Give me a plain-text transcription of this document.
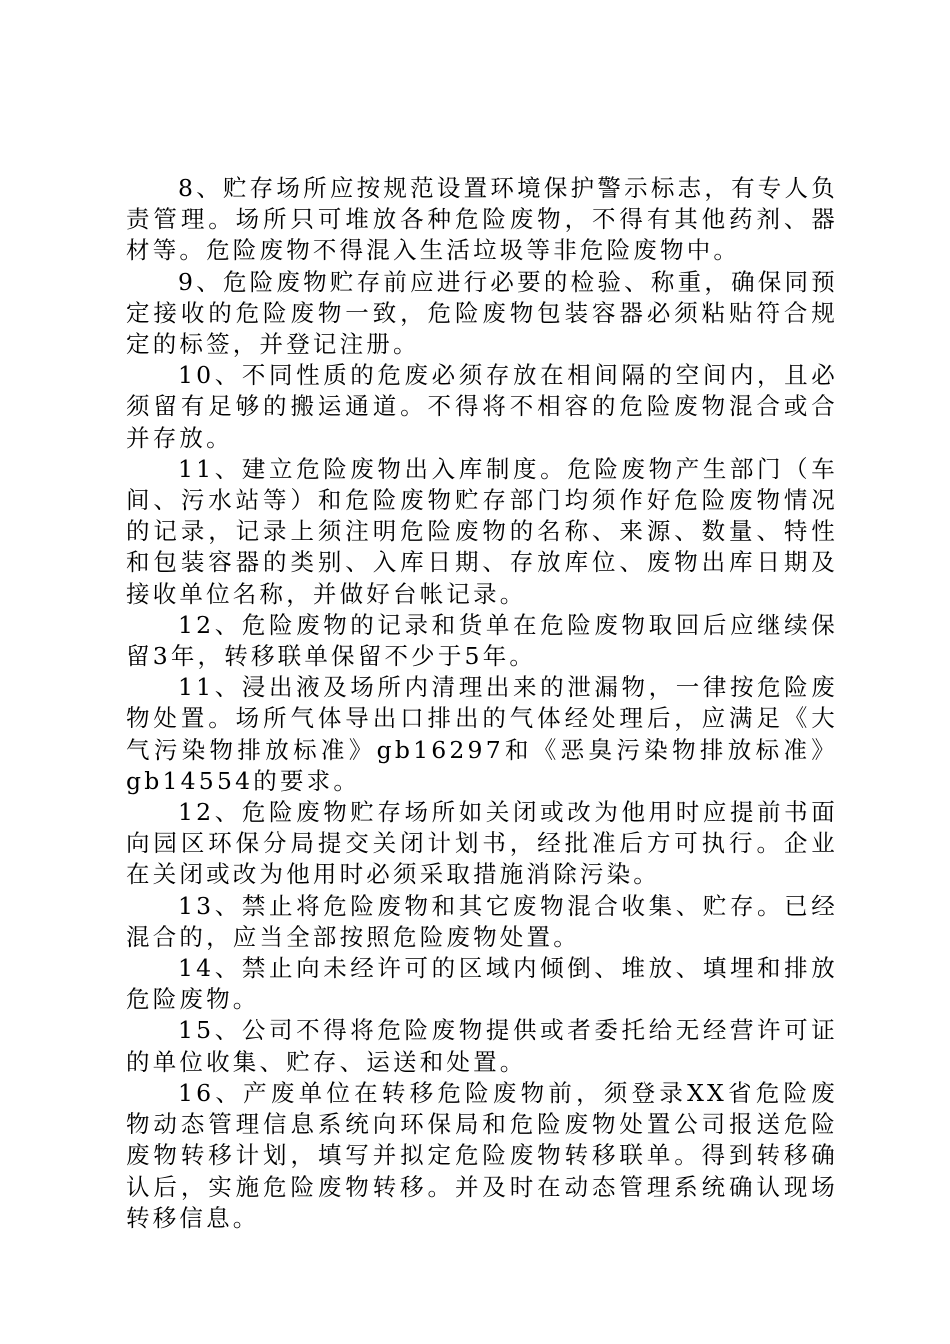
8、贮存场所应按规范设置环境保护警示标志，有专人负责管理。场所只可堆放各种危险废物，不得有其他药剂、器材等。危险废物不得混入生活垃圾等非危险废物中。

9、危险废物贮存前应进行必要的检验、称重，确保同预定接收的危险废物一致，危险废物包装容器必须粘贴符合规定的标签，并登记注册。

10、不同性质的危废必须存放在相间隔的空间内，且必须留有足够的搬运通道。不得将不相容的危险废物混合或合并存放。

11、建立危险废物出入库制度。危险废物产生部门（车间、污水站等）和危险废物贮存部门均须作好危险废物情况的记录，记录上须注明危险废物的名称、来源、数量、特性和包装容器的类别、入库日期、存放库位、废物出库日期及接收单位名称，并做好台帐记录。

12、危险废物的记录和货单在危险废物取回后应继续保留3年，转移联单保留不少于5年。

11、浸出液及场所内清理出来的泄漏物，一律按危险废物处置。场所气体导出口排出的气体经处理后，应满足《大气污染物排放标准》gb16297和《恶臭污染物排放标准》gb14554的要求。

12、危险废物贮存场所如关闭或改为他用时应提前书面向园区环保分局提交关闭计划书，经批准后方可执行。企业在关闭或改为他用时必须采取措施消除污染。

13、禁止将危险废物和其它废物混合收集、贮存。已经混合的，应当全部按照危险废物处置。

14、禁止向未经许可的区域内倾倒、堆放、填埋和排放危险废物。

15、公司不得将危险废物提供或者委托给无经营许可证的单位收集、贮存、运送和处置。

16、产废单位在转移危险废物前，须登录XX省危险废物动态管理信息系统向环保局和危险废物处置公司报送危险废物转移计划，填写并拟定危险废物转移联单。得到转移确认后，实施危险废物转移。并及时在动态管理系统确认现场转移信息。
